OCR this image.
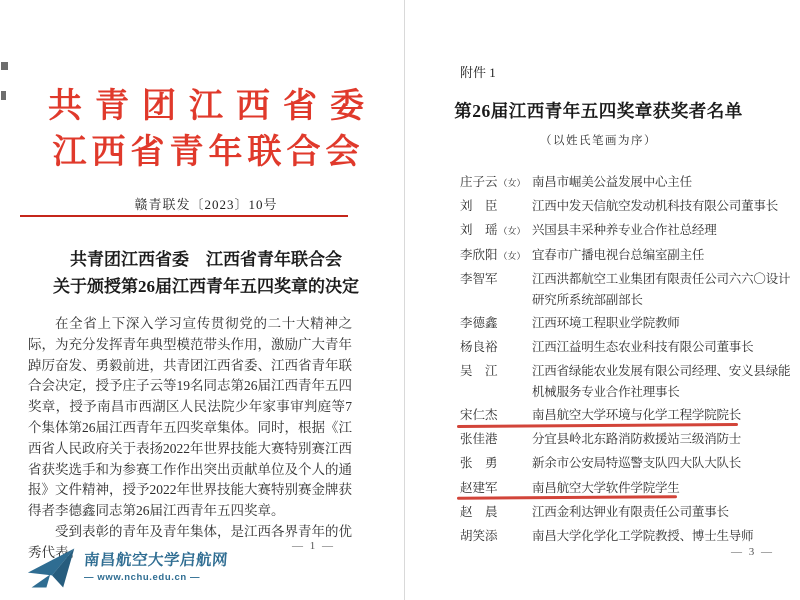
共青团江西省委
江西省青年联合会
赣青联发〔2023〕10号
共青团江西省委　江西省青年联合会
关于颁授第26届江西青年五四奖章的决定

在全省上下深入学习宣传贯彻党的二十大精神之际，为充分发挥青年典型模范带头作用，激励广大青年踔厉奋发、勇毅前进，共青团江西省委、江西省青年联合会决定，授予庄子云等19名同志第26届江西青年五四奖章，授予南昌市西湖区人民法院少年家事审判庭等7个集体第26届江西青年五四奖章集体。同时，根据《江西省人民政府关于表扬2022年世界技能大赛特别赛江西省获奖选手和为参赛工作作出突出贡献单位及个人的通报》文件精神，授予2022年世界技能大赛特别赛金牌获得者李德鑫同志第26届江西青年五四奖章。

受到表彰的青年及青年集体，是江西各界青年的优秀代表。	— 1 —
南昌航空大学启航网
— www.nchu.edu.cn —
附件 1
第26届江西青年五四奖章获奖者名单
（以姓氏笔画为序）
庄子云（女） 南昌市崛美公益发展中心主任
刘　臣	江西中发天信航空发动机科技有限公司董事长
刘　瑶（女） 兴国县丰采种养专业合作社总经理
李欣阳（女） 宜春市广播电视台总编室副主任
李智军	江西洪都航空工业集团有限责任公司六六〇设计研究所系统部副部长
李德鑫	江西环境工程职业学院教师
杨良裕	江西江益明生态农业科技有限公司董事长
吴　江	江西省绿能农业发展有限公司经理、安义县绿能机械服务专业合作社理事长
宋仁杰	南昌航空大学环境与化学工程学院院长
张佳港	分宜县岭北东路消防救援站三级消防士
张　勇	新余市公安局特巡警支队四大队大队长
赵建军	南昌航空大学软件学院学生
赵　晨	江西金利达钾业有限责任公司董事长
胡笑添	南昌大学化学化工学院教授、博士生导师
— 3 —
